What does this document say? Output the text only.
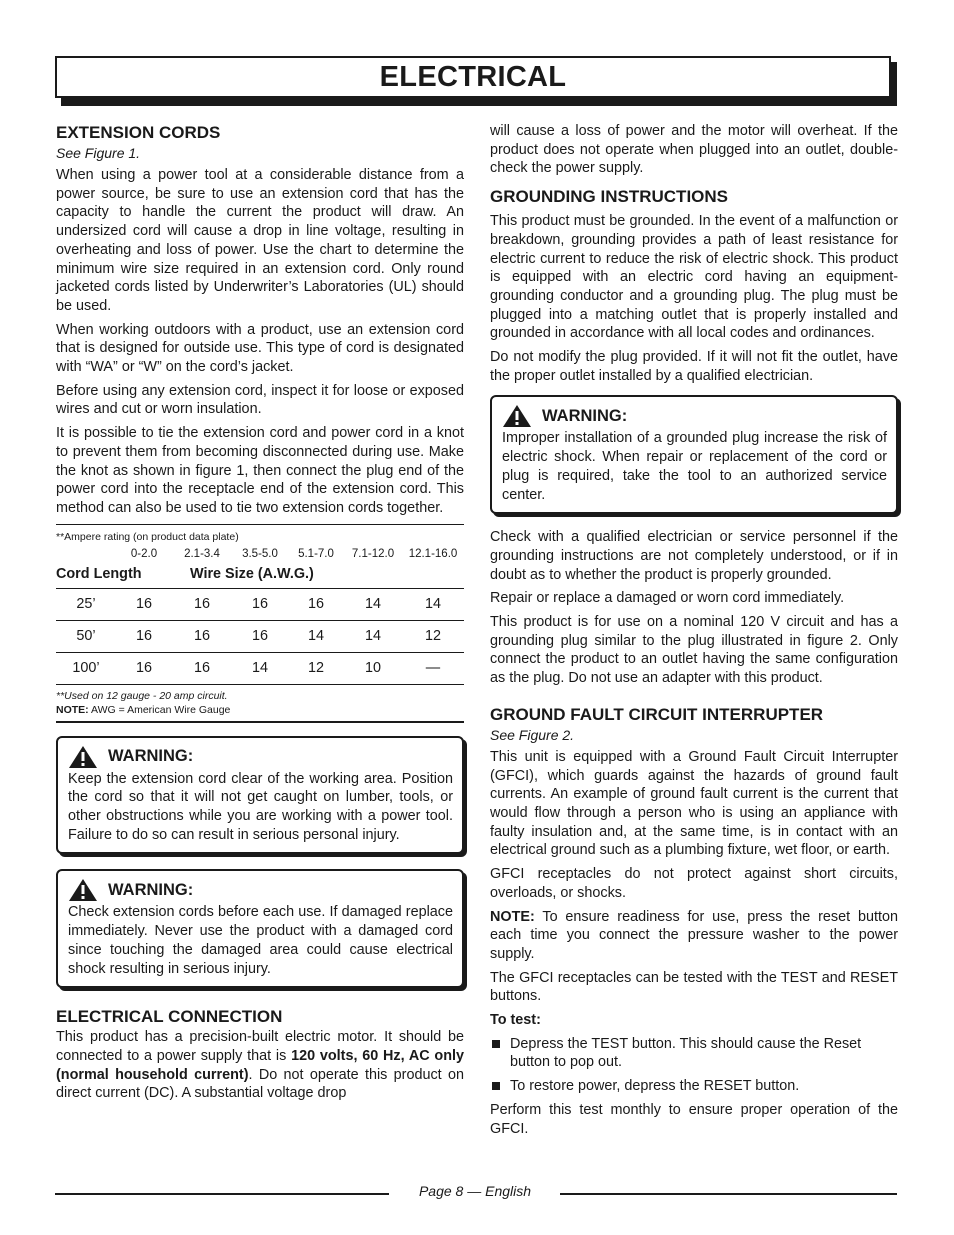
ELECTRICAL
EXTENSION CORDS

See Figure 1.

When using a power tool at a considerable distance from a power source, be sure to use an extension cord that has the capacity to handle the current the product will draw. An undersized cord will cause a drop in line voltage, resulting in overheating and loss of power. Use the chart to determine the minimum wire size required in an extension cord. Only round jacketed cords listed by Underwriter’s Laboratories (UL) should be used.

When working outdoors with a product, use an extension cord that is designed for outside use. This type of cord is designated with “WA” or “W” on the cord’s jacket.

Before using any extension cord, inspect it for loose or exposed wires and cut or worn insulation.

It is possible to tie the extension cord and power cord in a knot to prevent them from becoming disconnected during use. Make the knot as shown in figure 1, then connect the plug end of the power cord into the receptacle end of the extension cord. This method can also be used to tie two extension cords together.

**Ampere rating (on product data plate)
	0-2.0	2.1-3.4	3.5-5.0	5.1-7.0	7.1-12.0	12.1-16.0
Cord Length			Wire Size (A.W.G.)			
25’	16	16	16	16	14	14
50’	16	16	16	14	14	12
100’	16	16	14	12	10	—
**Used on 12 gauge - 20 amp circuit.
NOTE: AWG = American Wire Gauge
WARNING:

Keep the extension cord clear of the working area. Position the cord so that it will not get caught on lumber, tools, or other obstructions while you are working with a power tool. Failure to do so can result in serious personal injury.

WARNING:

Check extension cords before each use. If damaged replace immediately. Never use the product with a damaged cord since touching the damaged area could cause electrical shock resulting in serious injury.

ELECTRICAL CONNECTION

This product has a precision-built electric motor. It should be connected to a power supply that is 120 volts, 60 Hz, AC only (normal household current). Do not operate this product on direct current (DC). A substantial voltage drop

will cause a loss of power and the motor will overheat. If the product does not operate when plugged into an outlet, double-check the power supply.

GROUNDING INSTRUCTIONS

This product must be grounded. In the event of a malfunction or breakdown, grounding provides a path of least resistance for electric current to reduce the risk of electric shock. This product is equipped with an electric cord having an equipment-grounding conductor and a grounding plug. The plug must be plugged into a matching outlet that is properly installed and grounded in accordance with all local codes and ordinances.

Do not modify the plug provided. If it will not fit the outlet, have the proper outlet installed by a qualified electrician.

WARNING:

Improper installation of a grounded plug increase the risk of electric shock. When repair or replacement of the cord or plug is required, take the tool to an authorized service center.

Check with a qualified electrician or service personnel if the grounding instructions are not completely understood, or if in doubt as to whether the product is properly grounded.

Repair or replace a damaged or worn cord immediately.

This product is for use on a nominal 120 V circuit and has a grounding plug similar to the plug illustrated in figure 2. Only connect the product to an outlet having the same configuration as the plug. Do not use an adapter with this product.

GROUND FAULT CIRCUIT INTERRUPTER

See Figure 2.

This unit is equipped with a Ground Fault Circuit Interrupter (GFCI), which guards against the hazards of ground fault currents. An example of ground fault current is the current that would flow through a person who is using an appliance with faulty insulation and, at the same time, is in contact with an electrical ground such as a plumbing fixture, wet floor, or earth.

GFCI receptacles do not protect against short circuits, overloads, or shocks.

NOTE: To ensure readiness for use, press the reset button each time you connect the pressure washer to the power supply.

The GFCI receptacles can be tested with the TEST and RESET buttons.

To test:

Depress the TEST button. This should cause the Reset button to pop out.
To restore power, depress the RESET button.

Perform this test monthly to ensure proper operation of the GFCI.

Page 8 — English
